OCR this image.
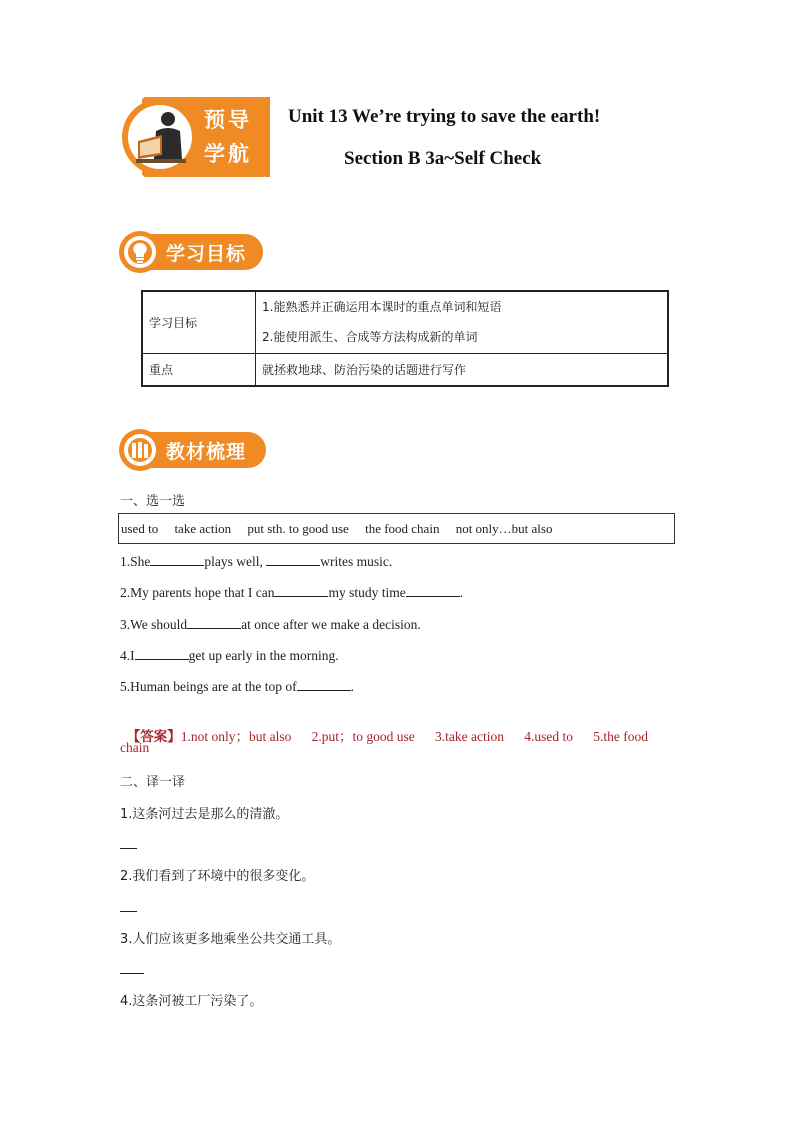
预导
学航
Unit 13 We’re trying to save the earth!
Section B 3a~Self Check
学习目标
学习目标	1.能熟悉并正确运用本课时的重点单词和短语
2.能使用派生、合成等方法构成新的单词

重点	就拯救地球、防治污染的话题进行写作
教材梳理
一、选一选
used to     take action     put sth. to good use     the food chain     not only…but also
1.She	plays well,	writes music.
2.My parents hope that I can	my study time	.
3.We should	at once after we make a decision.
4.I	get up early in the morning.
5.Human beings are at the top of	.

【答案】1.not only；but also      2.put；to good use      3.take action      4.used to      5.the food

chain
二、译一译
1.这条河过去是那么的清澈。
2.我们看到了环境中的很多变化。
3.人们应该更多地乘坐公共交通工具。
4.这条河被工厂污染了。
